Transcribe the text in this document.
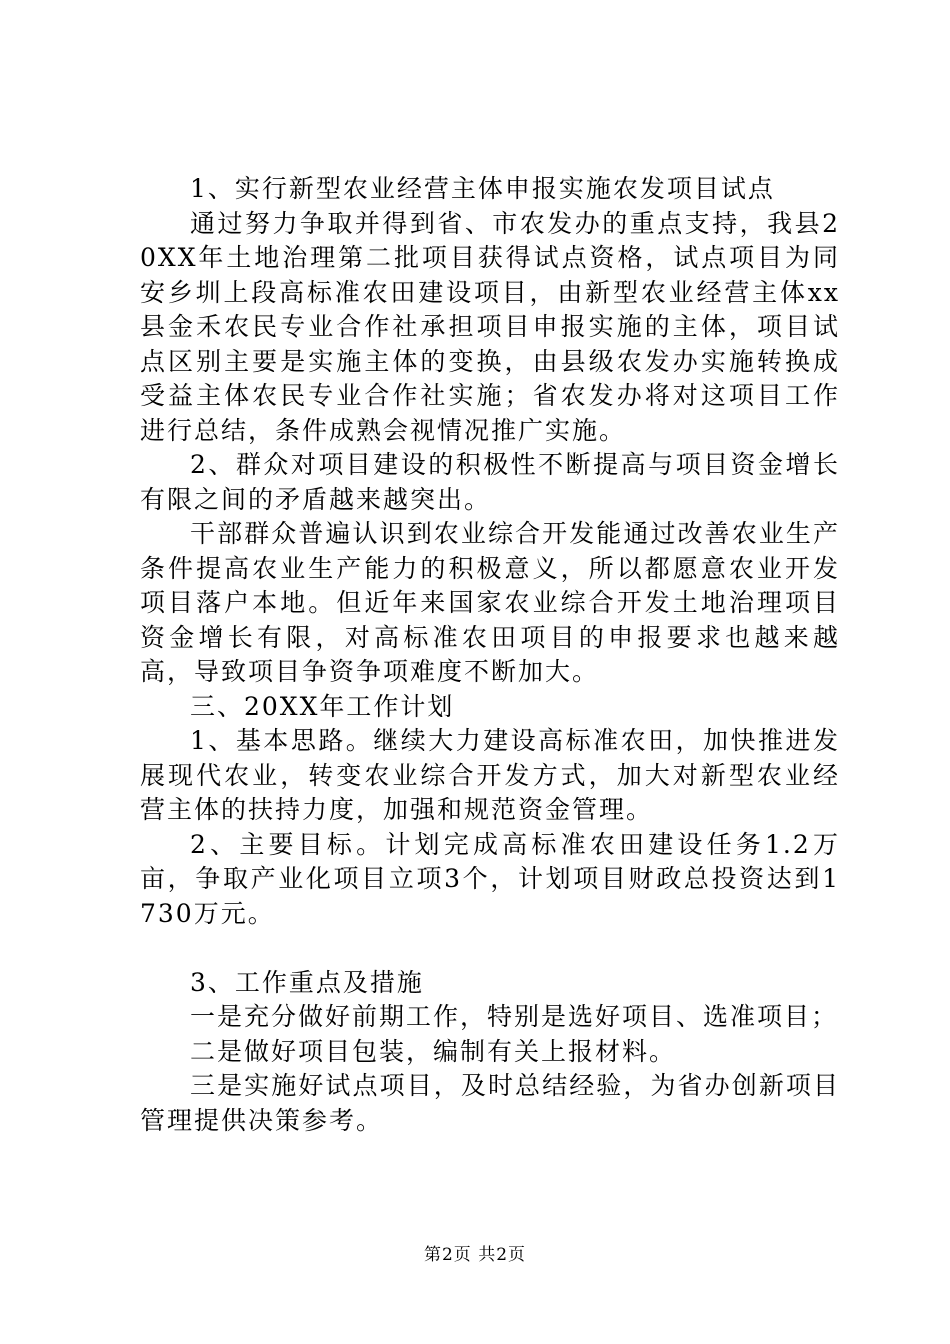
1、实行新型农业经营主体申报实施农发项目试点

通过努力争取并得到省、市农发办的重点支持，我县20XX年土地治理第二批项目获得试点资格，试点项目为同安乡圳上段高标准农田建设项目，由新型农业经营主体xx县金禾农民专业合作社承担项目申报实施的主体，项目试点区别主要是实施主体的变换，由县级农发办实施转换成受益主体农民专业合作社实施；省农发办将对这项目工作进行总结，条件成熟会视情况推广实施。

2、群众对项目建设的积极性不断提高与项目资金增长有限之间的矛盾越来越突出。

干部群众普遍认识到农业综合开发能通过改善农业生产条件提高农业生产能力的积极意义，所以都愿意农业开发项目落户本地。但近年来国家农业综合开发土地治理项目资金增长有限，对高标准农田项目的申报要求也越来越高，导致项目争资争项难度不断加大。

三、20XX年工作计划

1、基本思路。继续大力建设高标准农田，加快推进发展现代农业，转变农业综合开发方式，加大对新型农业经营主体的扶持力度，加强和规范资金管理。

2、主要目标。计划完成高标准农田建设任务1.2万亩，争取产业化项目立项3个，计划项目财政总投资达到1730万元。

3、工作重点及措施

一是充分做好前期工作，特别是选好项目、选准项目；

二是做好项目包装，编制有关上报材料。

三是实施好试点项目，及时总结经验，为省办创新项目管理提供决策参考。

第2页 共2页
